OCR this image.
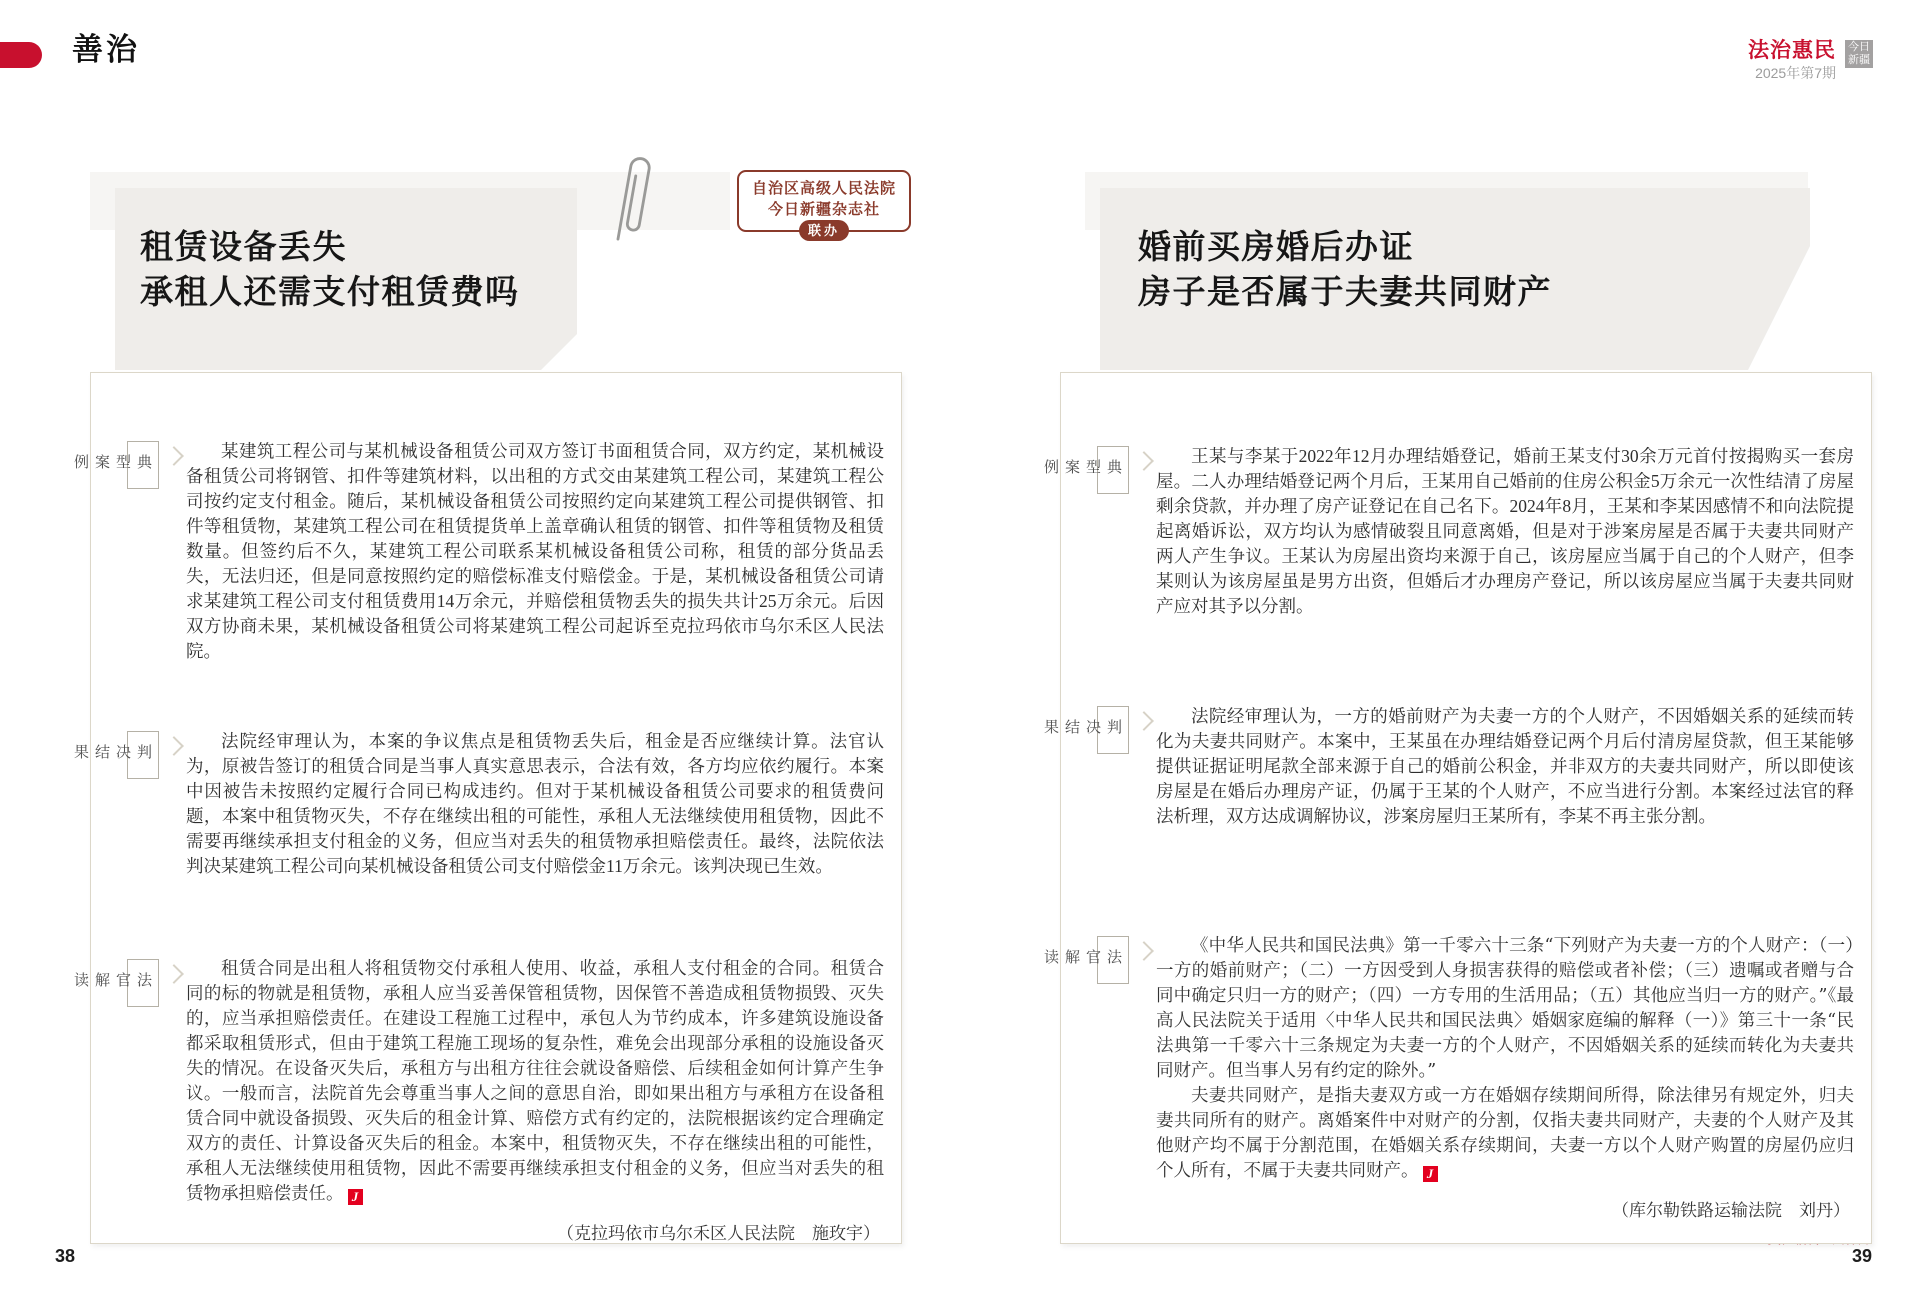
善治	法治惠民
2025年第7期
今日
新疆
租赁设备丢失
承租人还需支付租赁费吗
自治区高级人民法院
今日新疆杂志社
联办	婚前买房婚后办证
房子是否属于夫妻共同财产
典型案例

某建筑工程公司与某机械设备租赁公司双方签订书面租赁合同，双方约定，某机械设备租赁公司将钢管、扣件等建筑材料，以出租的方式交由某建筑工程公司，某建筑工程公司按约定支付租金。随后，某机械设备租赁公司按照约定向某建筑工程公司提供钢管、扣件等租赁物，某建筑工程公司在租赁提货单上盖章确认租赁的钢管、扣件等租赁物及租赁数量。但签约后不久，某建筑工程公司联系某机械设备租赁公司称，租赁的部分货品丢失，无法归还，但是同意按照约定的赔偿标准支付赔偿金。于是，某机械设备租赁公司请求某建筑工程公司支付租赁费用14万余元，并赔偿租赁物丢失的损失共计25万余元。后因双方协商未果，某机械设备租赁公司将某建筑工程公司起诉至克拉玛依市乌尔禾区人民法院。

判决结果

法院经审理认为，本案的争议焦点是租赁物丢失后，租金是否应继续计算。法官认为，原被告签订的租赁合同是当事人真实意思表示，合法有效，各方均应依约履行。本案中因被告未按照约定履行合同已构成违约。但对于某机械设备租赁公司要求的租赁费问题，本案中租赁物灭失，不存在继续出租的可能性，承租人无法继续使用租赁物，因此不需要再继续承担支付租金的义务，但应当对丢失的租赁物承担赔偿责任。最终，法院依法判决某建筑工程公司向某机械设备租赁公司支付赔偿金11万余元。该判决现已生效。

法官解读

租赁合同是出租人将租赁物交付承租人使用、收益，承租人支付租金的合同。租赁合同的标的物就是租赁物，承租人应当妥善保管租赁物，因保管不善造成租赁物损毁、灭失的，应当承担赔偿责任。在建设工程施工过程中，承包人为节约成本，许多建筑设施设备都采取租赁形式，但由于建筑工程施工现场的复杂性，难免会出现部分承租的设施设备灭失的情况。在设备灭失后，承租方与出租方往往会就设备赔偿、后续租金如何计算产生争议。一般而言，法院首先会尊重当事人之间的意思自治，即如果出租方与承租方在设备租赁合同中就设备损毁、灭失后的租金计算、赔偿方式有约定的，法院根据该约定合理确定双方的责任、计算设备灭失后的租金。本案中，租赁物灭失，不存在继续出租的可能性，承租人无法继续使用租赁物，因此不需要再继续承担支付租金的义务，但应当对丢失的租赁物承担赔偿责任。 J

（克拉玛依市乌尔禾区人民法院　施玫宇）
典型案例

王某与李某于2022年12月办理结婚登记，婚前王某支付30余万元首付按揭购买一套房屋。二人办理结婚登记两个月后，王某用自己婚前的住房公积金5万余元一次性结清了房屋剩余贷款，并办理了房产证登记在自己名下。2024年8月，王某和李某因感情不和向法院提起离婚诉讼，双方均认为感情破裂且同意离婚，但是对于涉案房屋是否属于夫妻共同财产两人产生争议。王某认为房屋出资均来源于自己，该房屋应当属于自己的个人财产，但李某则认为该房屋虽是男方出资，但婚后才办理房产登记，所以该房屋应当属于夫妻共同财产应对其予以分割。

判决结果

法院经审理认为，一方的婚前财产为夫妻一方的个人财产，不因婚姻关系的延续而转化为夫妻共同财产。本案中，王某虽在办理结婚登记两个月后付清房屋贷款，但王某能够提供证据证明尾款全部来源于自己的婚前公积金，并非双方的夫妻共同财产，所以即使该房屋是在婚后办理房产证，仍属于王某的个人财产，不应当进行分割。本案经过法官的释法析理，双方达成调解协议，涉案房屋归王某所有，李某不再主张分割。

法官解读

《中华人民共和国民法典》第一千零六十三条“下列财产为夫妻一方的个人财产：（一）一方的婚前财产；（二）一方因受到人身损害获得的赔偿或者补偿；（三）遗嘱或者赠与合同中确定只归一方的财产；（四）一方专用的生活用品；（五）其他应当归一方的财产。”《最高人民法院关于适用〈中华人民共和国民法典〉婚姻家庭编的解释（一）》第三十一条“民法典第一千零六十三条规定为夫妻一方的个人财产，不因婚姻关系的延续而转化为夫妻共同财产。但当事人另有约定的除外。”

夫妻共同财产，是指夫妻双方或一方在婚姻存续期间所得，除法律另有规定外，归夫妻共同所有的财产。离婚案件中对财产的分割，仅指夫妻共同财产，夫妻的个人财产及其他财产均不属于分割范围，在婚姻关系存续期间，夫妻一方以个人财产购置的房屋仍应归个人所有，不属于夫妻共同财产。 J

（库尔勒铁路运输法院　刘丹）
38	39
